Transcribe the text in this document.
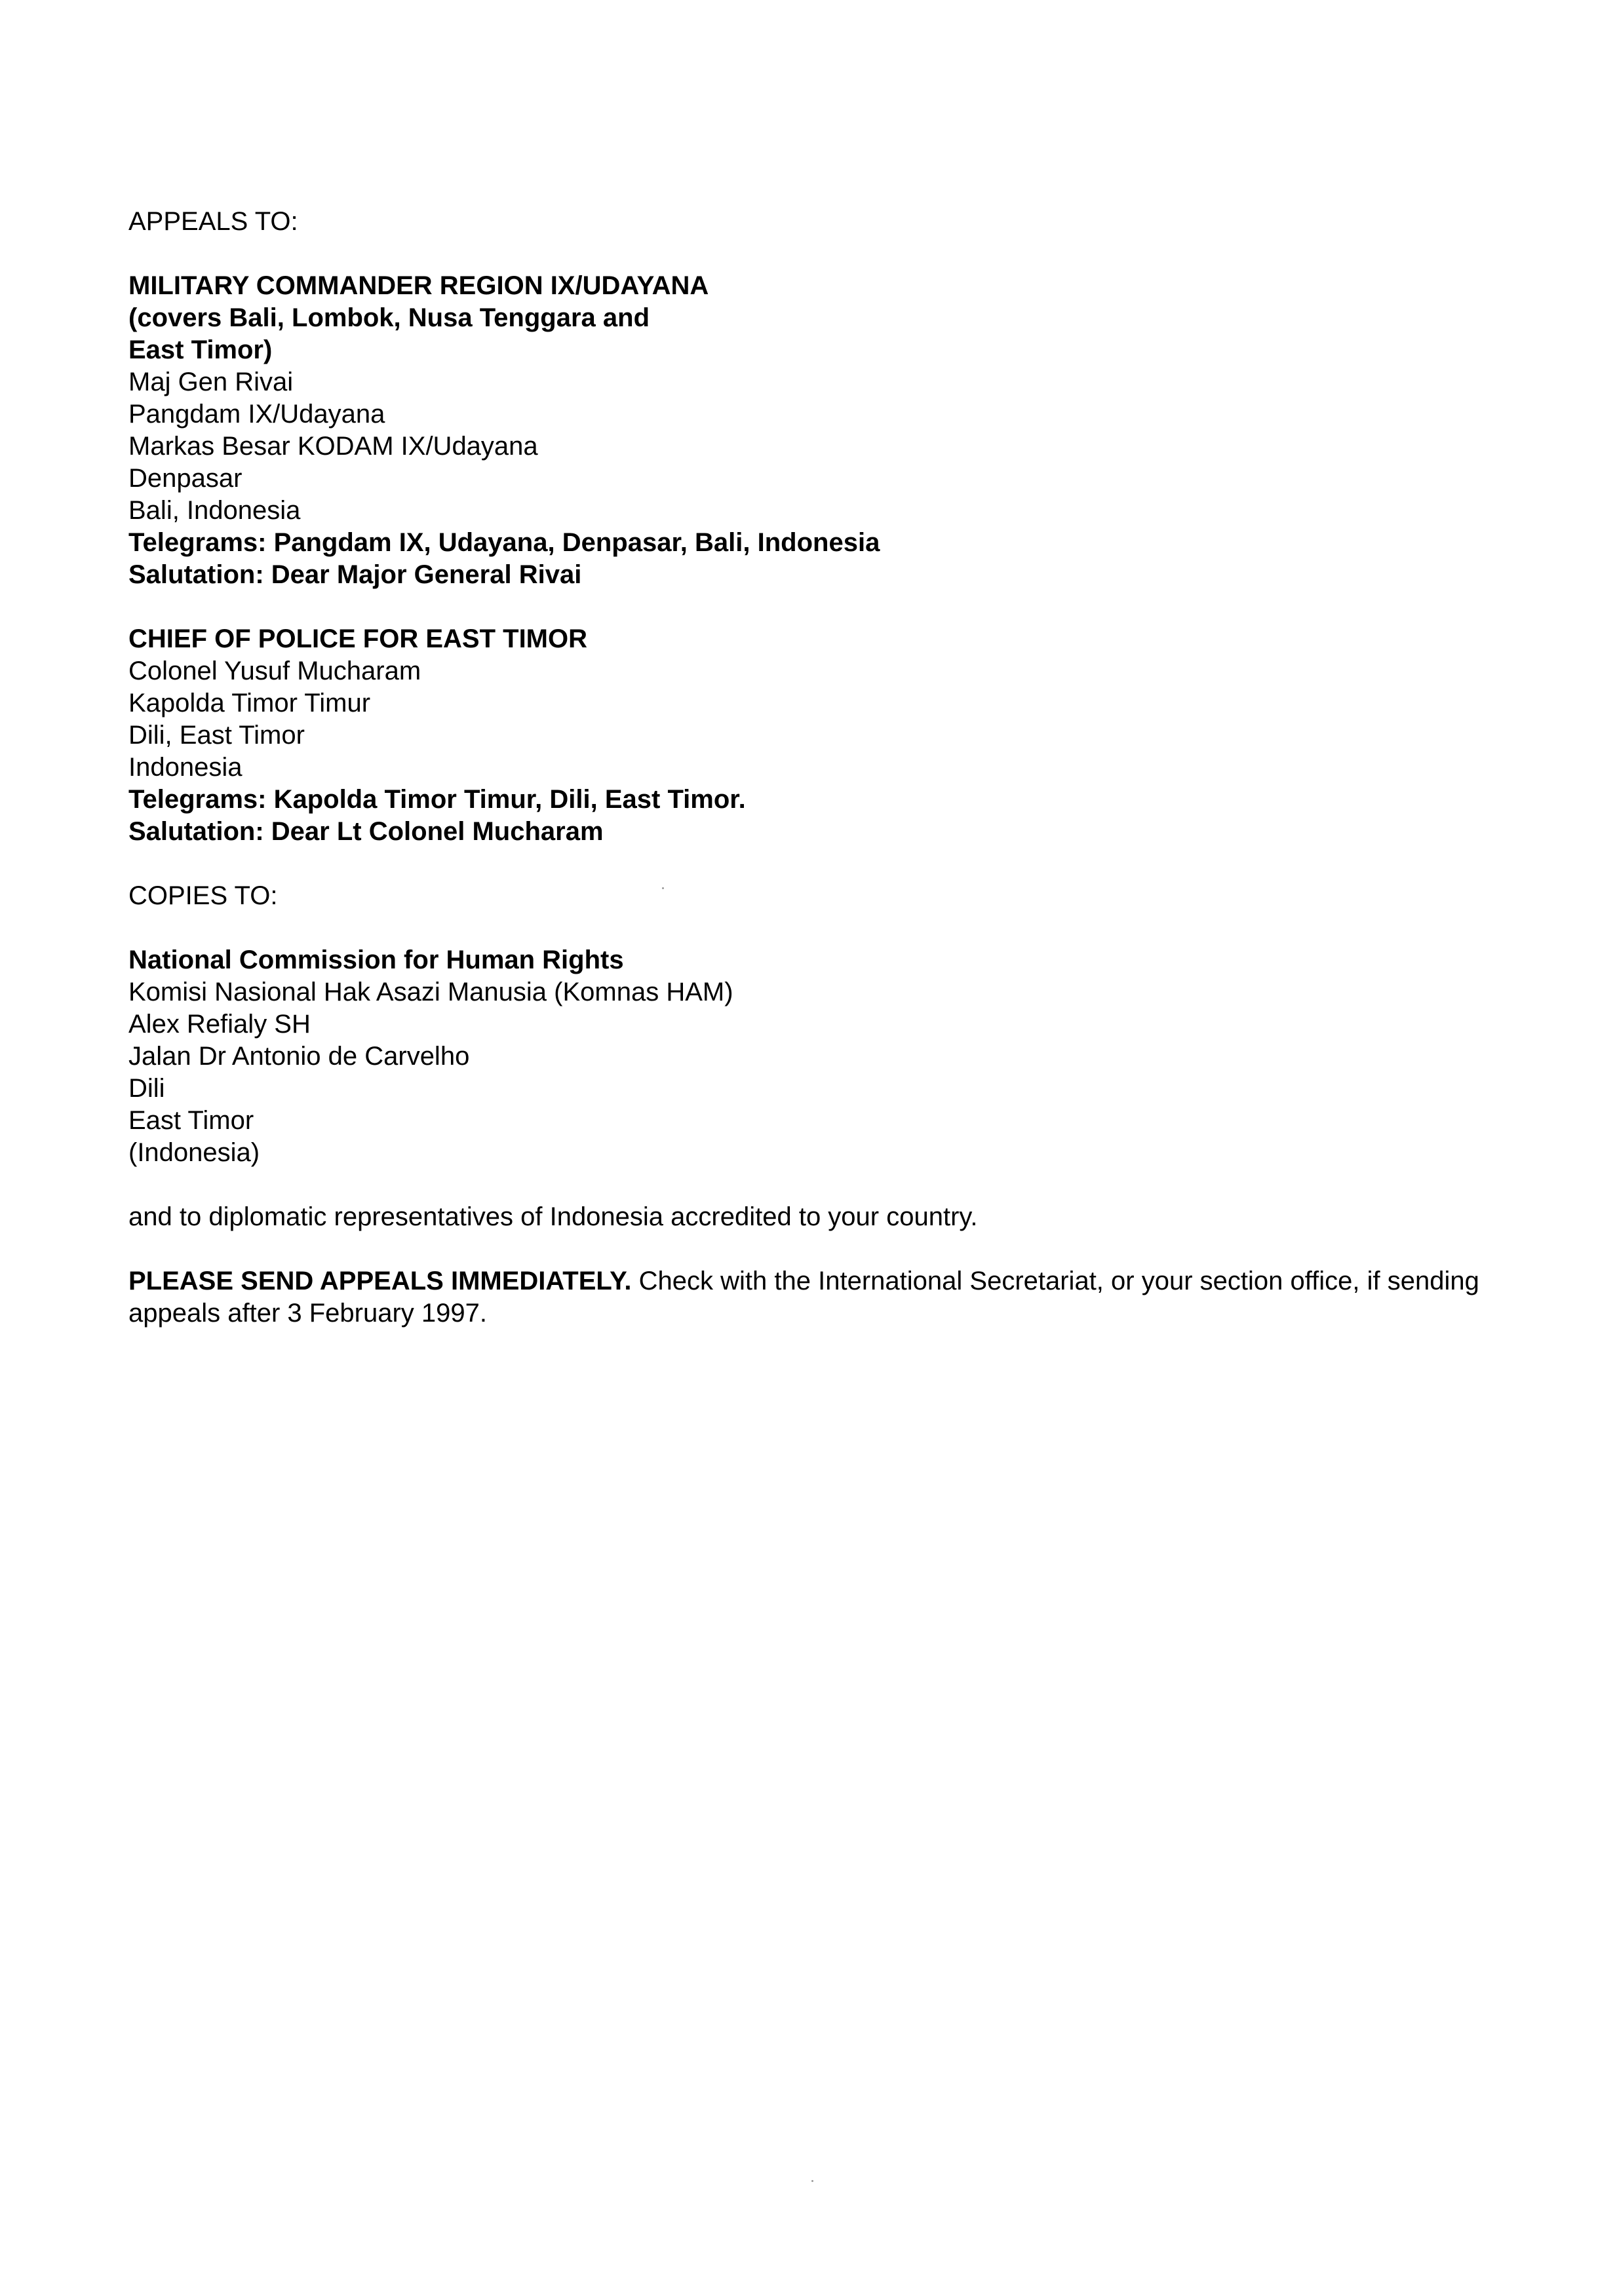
APPEALS TO:
MILITARY COMMANDER REGION IX/UDAYANA
(covers Bali, Lombok, Nusa Tenggara and
East Timor)
Maj Gen Rivai
Pangdam IX/Udayana
Markas Besar KODAM IX/Udayana
Denpasar
Bali, Indonesia
Telegrams: Pangdam IX, Udayana, Denpasar, Bali, Indonesia
Salutation: Dear Major General Rivai
CHIEF OF POLICE FOR EAST TIMOR
Colonel Yusuf Mucharam
Kapolda Timor Timur
Dili, East Timor
Indonesia
Telegrams: Kapolda Timor Timur, Dili, East Timor.
Salutation: Dear Lt Colonel Mucharam
COPIES TO:
National Commission for Human Rights
Komisi Nasional Hak Asazi Manusia (Komnas HAM)
Alex Refialy SH
Jalan Dr Antonio de Carvelho
Dili
East Timor
(Indonesia)
and to diplomatic representatives of Indonesia accredited to your country.
PLEASE SEND APPEALS IMMEDIATELY. Check with the International Secretariat, or your section office, if sending appeals after 3 February 1997.
